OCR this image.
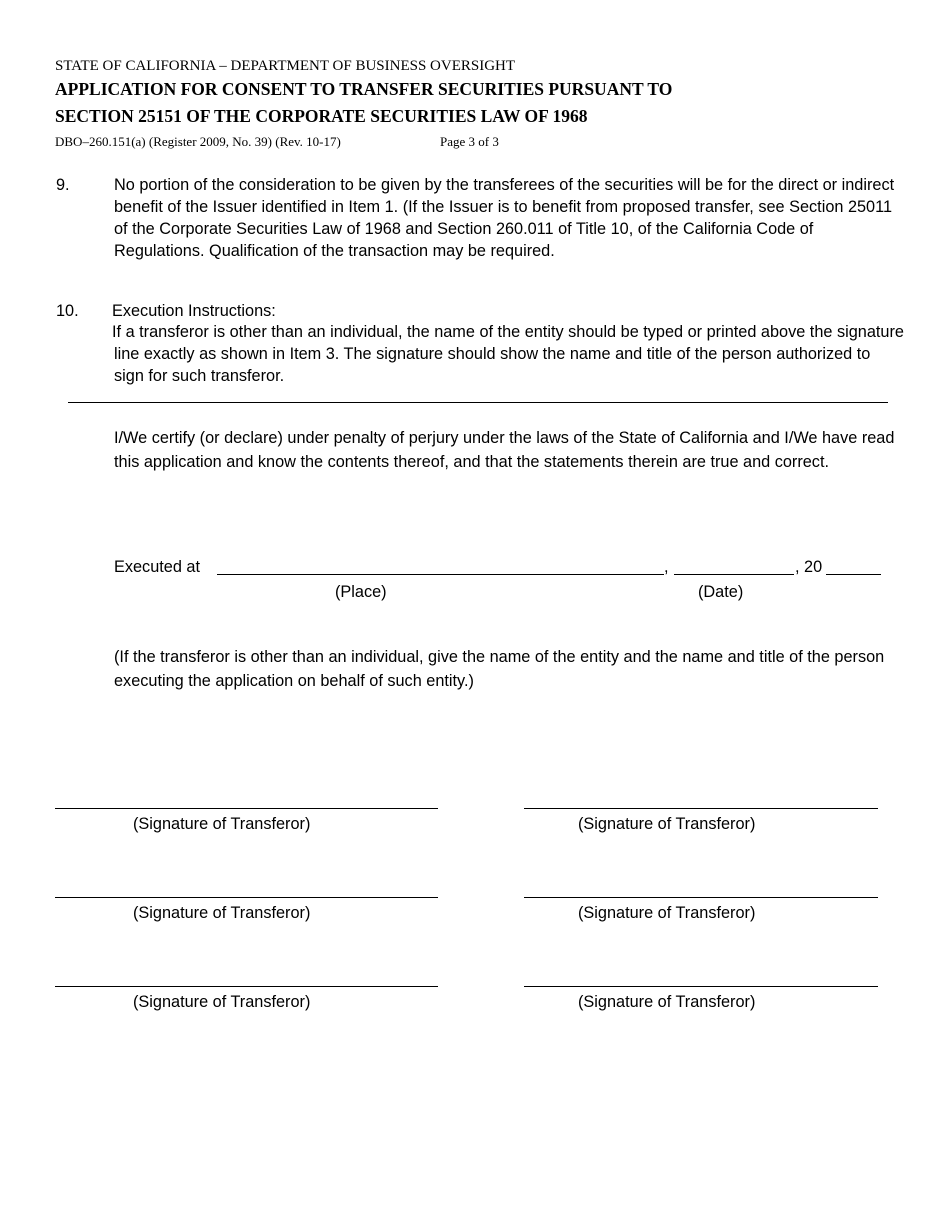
STATE OF CALIFORNIA – DEPARTMENT OF BUSINESS OVERSIGHT
APPLICATION FOR CONSENT TO TRANSFER SECURITIES PURSUANT TO
SECTION 25151 OF THE CORPORATE SECURITIES LAW OF 1968
DBO–260.151(a) (Register 2009, No. 39) (Rev. 10-17)	Page 3 of 3
9.	No portion of the consideration to be given by the transferees of the securities will be for the direct or indirect benefit of the Issuer identified in Item 1. (If the Issuer is to benefit from proposed transfer, see Section 25011 of the Corporate Securities Law of 1968 and Section 260.011 of Title 10, of the California Code of Regulations. Qualification of the transaction may be required.
10. Execution Instructions:
If a transferor is other than an individual, the name of the entity should be typed or printed above the signature line exactly as shown in Item 3. The signature should show the name and title of the person authorized to sign for such transferor.
I/We certify (or declare) under penalty of perjury under the laws of the State of California and I/We have read this application and know the contents thereof, and that the statements therein are true and correct.
Executed at	,	, 20
(Place)	(Date)
(If the transferor is other than an individual, give the name of the entity and the name and title of the person executing the application on behalf of such entity.)
(Signature of Transferor)	(Signature of Transferor)
(Signature of Transferor)	(Signature of Transferor)
(Signature of Transferor)	(Signature of Transferor)
